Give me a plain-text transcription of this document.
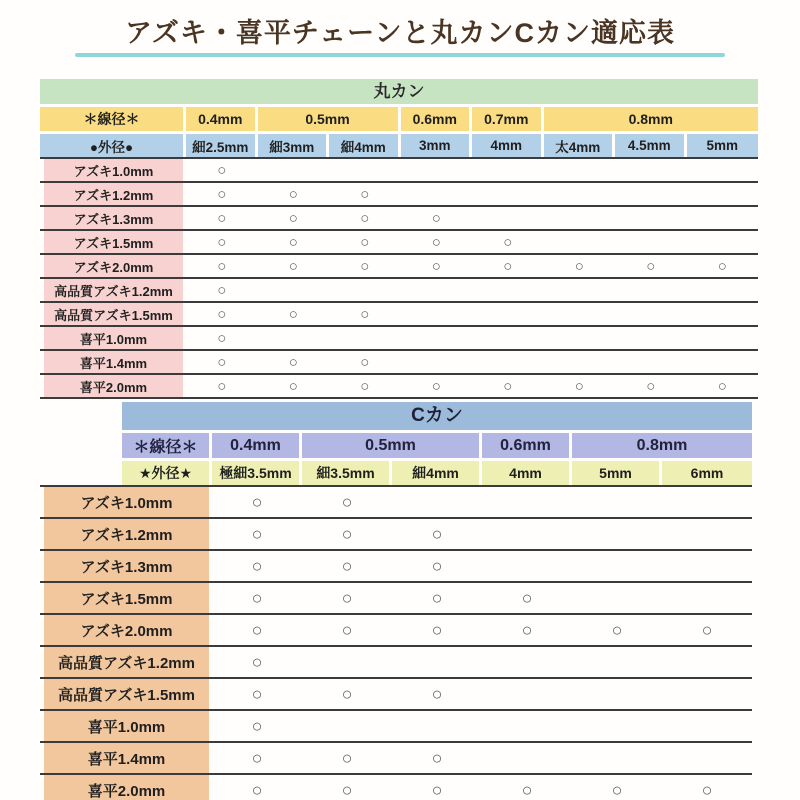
アズキ・喜平チェーンと丸カンCカン適応表
丸カン
＊線径＊	0.4mm	0.5mm	0.6mm	0.7mm	0.8mm
●外径●	細2.5mm	細3mm	細4mm	3mm	4mm	太4mm	4.5mm	5mm
アズキ1.0mm	○
アズキ1.2mm	○	○	○
アズキ1.3mm	○	○	○	○
アズキ1.5mm	○	○	○	○	○
アズキ2.0mm	○	○	○	○	○	○	○	○
高品質アズキ1.2mm	○
高品質アズキ1.5mm	○	○	○
喜平1.0mm	○
喜平1.4mm	○	○	○
喜平2.0mm	○	○	○	○	○	○	○	○
Cカン
＊線径＊	0.4mm	0.5mm	0.6mm	0.8mm
★外径★	極細3.5mm	細3.5mm	細4mm	4mm	5mm	6mm
アズキ1.0mm	○	○
アズキ1.2mm	○	○	○
アズキ1.3mm	○	○	○
アズキ1.5mm	○	○	○	○
アズキ2.0mm	○	○	○	○	○	○
高品質アズキ1.2mm	○
高品質アズキ1.5mm	○	○	○
喜平1.0mm	○
喜平1.4mm	○	○	○
喜平2.0mm	○	○	○	○	○	○
